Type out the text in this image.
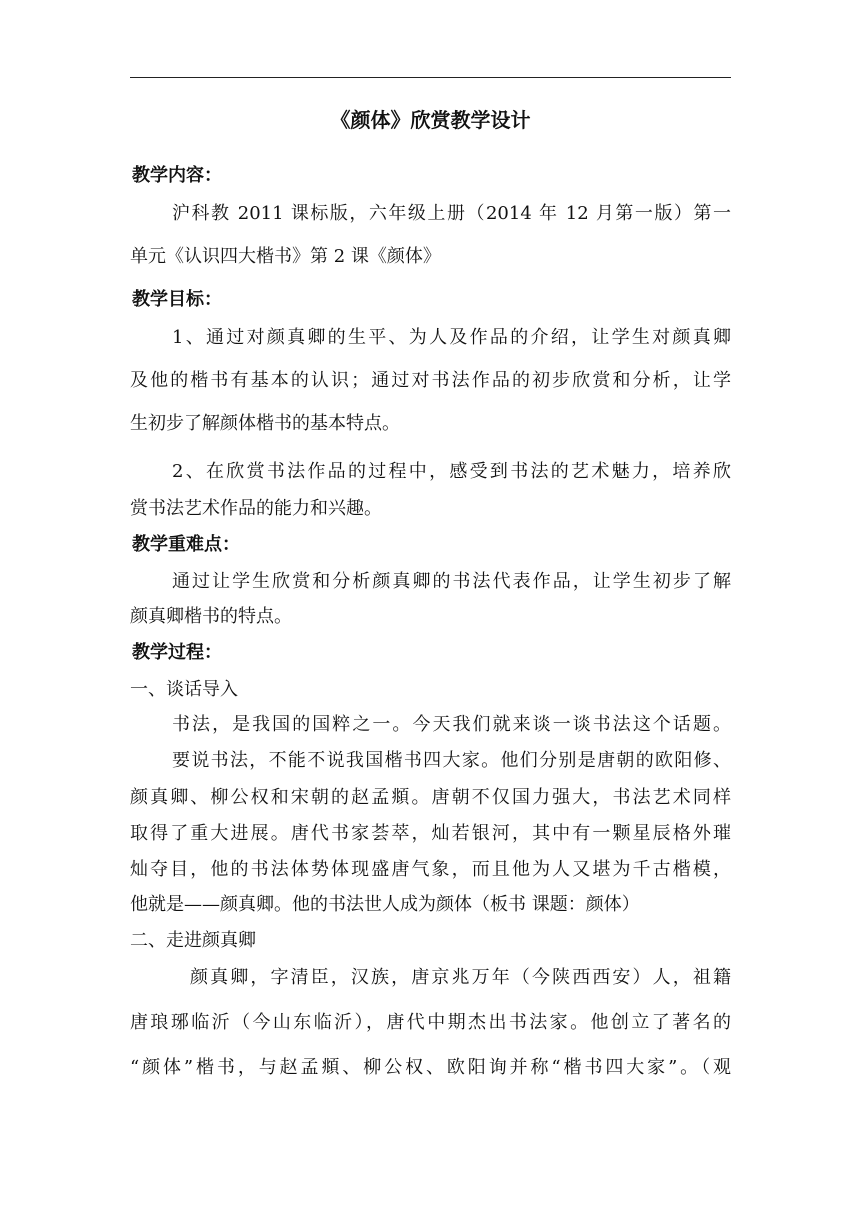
《颜体》欣赏教学设计
教学内容：
沪科教 2011 课标版，六年级上册（2014 年 12 月第一版）第一
单元《认识四大楷书》第 2 课《颜体》
教学目标：
1、通过对颜真卿的生平、为人及作品的介绍，让学生对颜真卿
及他的楷书有基本的认识；通过对书法作品的初步欣赏和分析，让学
生初步了解颜体楷书的基本特点。
2、在欣赏书法作品的过程中，感受到书法的艺术魅力，培养欣
赏书法艺术作品的能力和兴趣。
教学重难点：
通过让学生欣赏和分析颜真卿的书法代表作品，让学生初步了解
颜真卿楷书的特点。
教学过程：
一、谈话导入
书法，是我国的国粹之一。今天我们就来谈一谈书法这个话题。
要说书法，不能不说我国楷书四大家。他们分别是唐朝的欧阳修、
颜真卿、柳公权和宋朝的赵孟頫。唐朝不仅国力强大，书法艺术同样
取得了重大进展。唐代书家荟萃，灿若银河，其中有一颗星辰格外璀
灿夺目，他的书法体势体现盛唐气象，而且他为人又堪为千古楷模，
他就是——颜真卿。他的书法世人成为颜体（板书 课题：颜体）
二、走进颜真卿
颜真卿，字清臣，汉族，唐京兆万年（今陕西西安）人，祖籍
唐琅琊临沂（今山东临沂），唐代中期杰出书法家。他创立了著名的
“颜体”楷书，与赵孟頫、柳公权、欧阳询并称“楷书四大家”。（观
